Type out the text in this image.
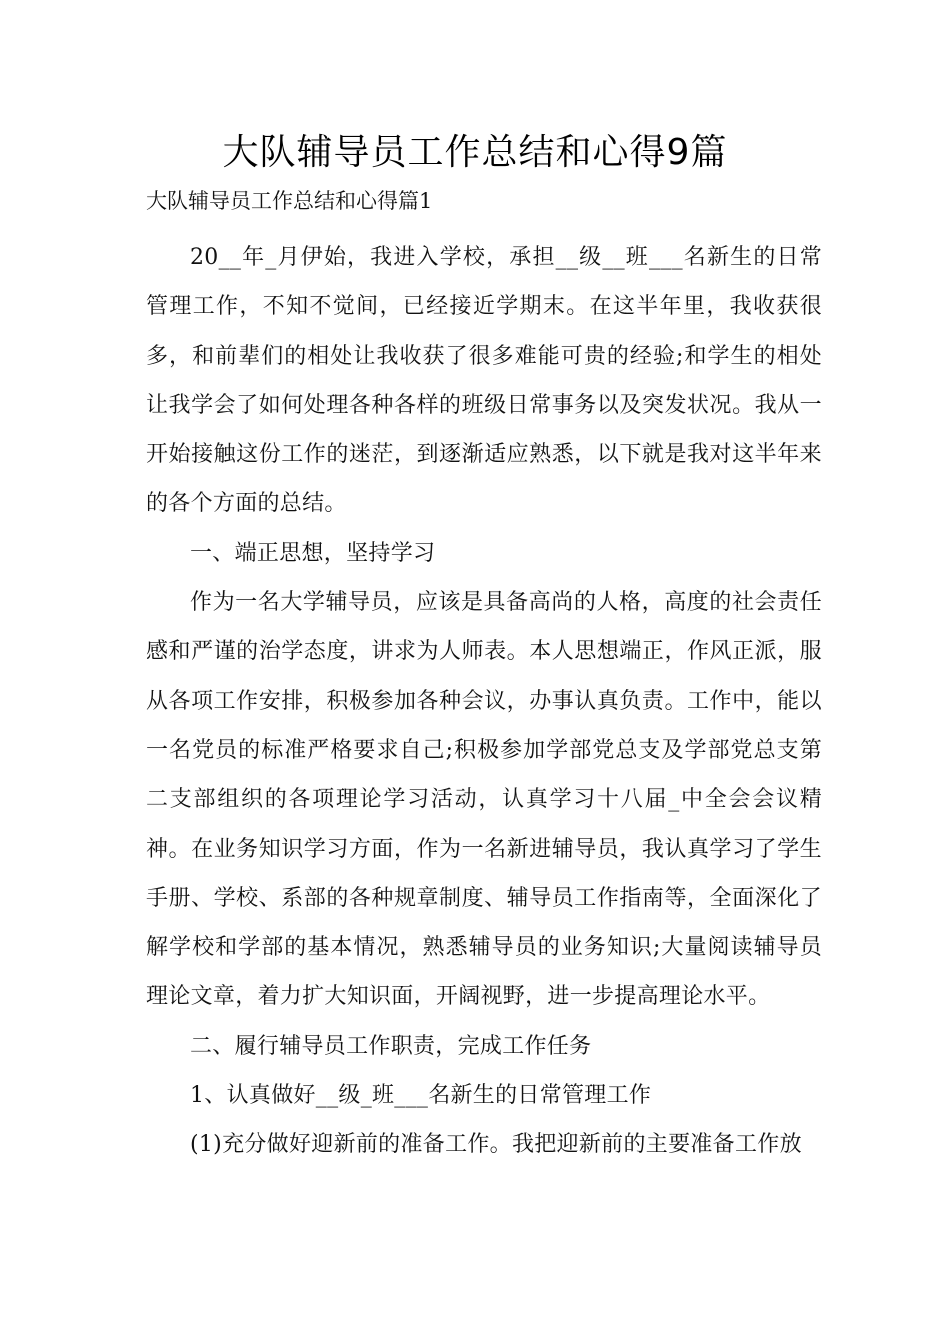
大队辅导员工作总结和心得9篇
大队辅导员工作总结和心得篇1

20__年_月伊始，我进入学校，承担__级__班___名新生的日常管理工作，不知不觉间，已经接近学期末。在这半年里，我收获很多，和前辈们的相处让我收获了很多难能可贵的经验;和学生的相处让我学会了如何处理各种各样的班级日常事务以及突发状况。我从一开始接触这份工作的迷茫，到逐渐适应熟悉，以下就是我对这半年来的各个方面的总结。

一、端正思想，坚持学习

作为一名大学辅导员，应该是具备高尚的人格，高度的社会责任感和严谨的治学态度，讲求为人师表。本人思想端正，作风正派，服从各项工作安排，积极参加各种会议，办事认真负责。工作中，能以一名党员的标准严格要求自己;积极参加学部党总支及学部党总支第二支部组织的各项理论学习活动，认真学习十八届_中全会会议精神。在业务知识学习方面，作为一名新进辅导员，我认真学习了学生手册、学校、系部的各种规章制度、辅导员工作指南等，全面深化了解学校和学部的基本情况，熟悉辅导员的业务知识;大量阅读辅导员理论文章，着力扩大知识面，开阔视野，进一步提高理论水平。

二、履行辅导员工作职责，完成工作任务

1、认真做好__级_班___名新生的日常管理工作

(1)充分做好迎新前的准备工作。我把迎新前的主要准备工作放
